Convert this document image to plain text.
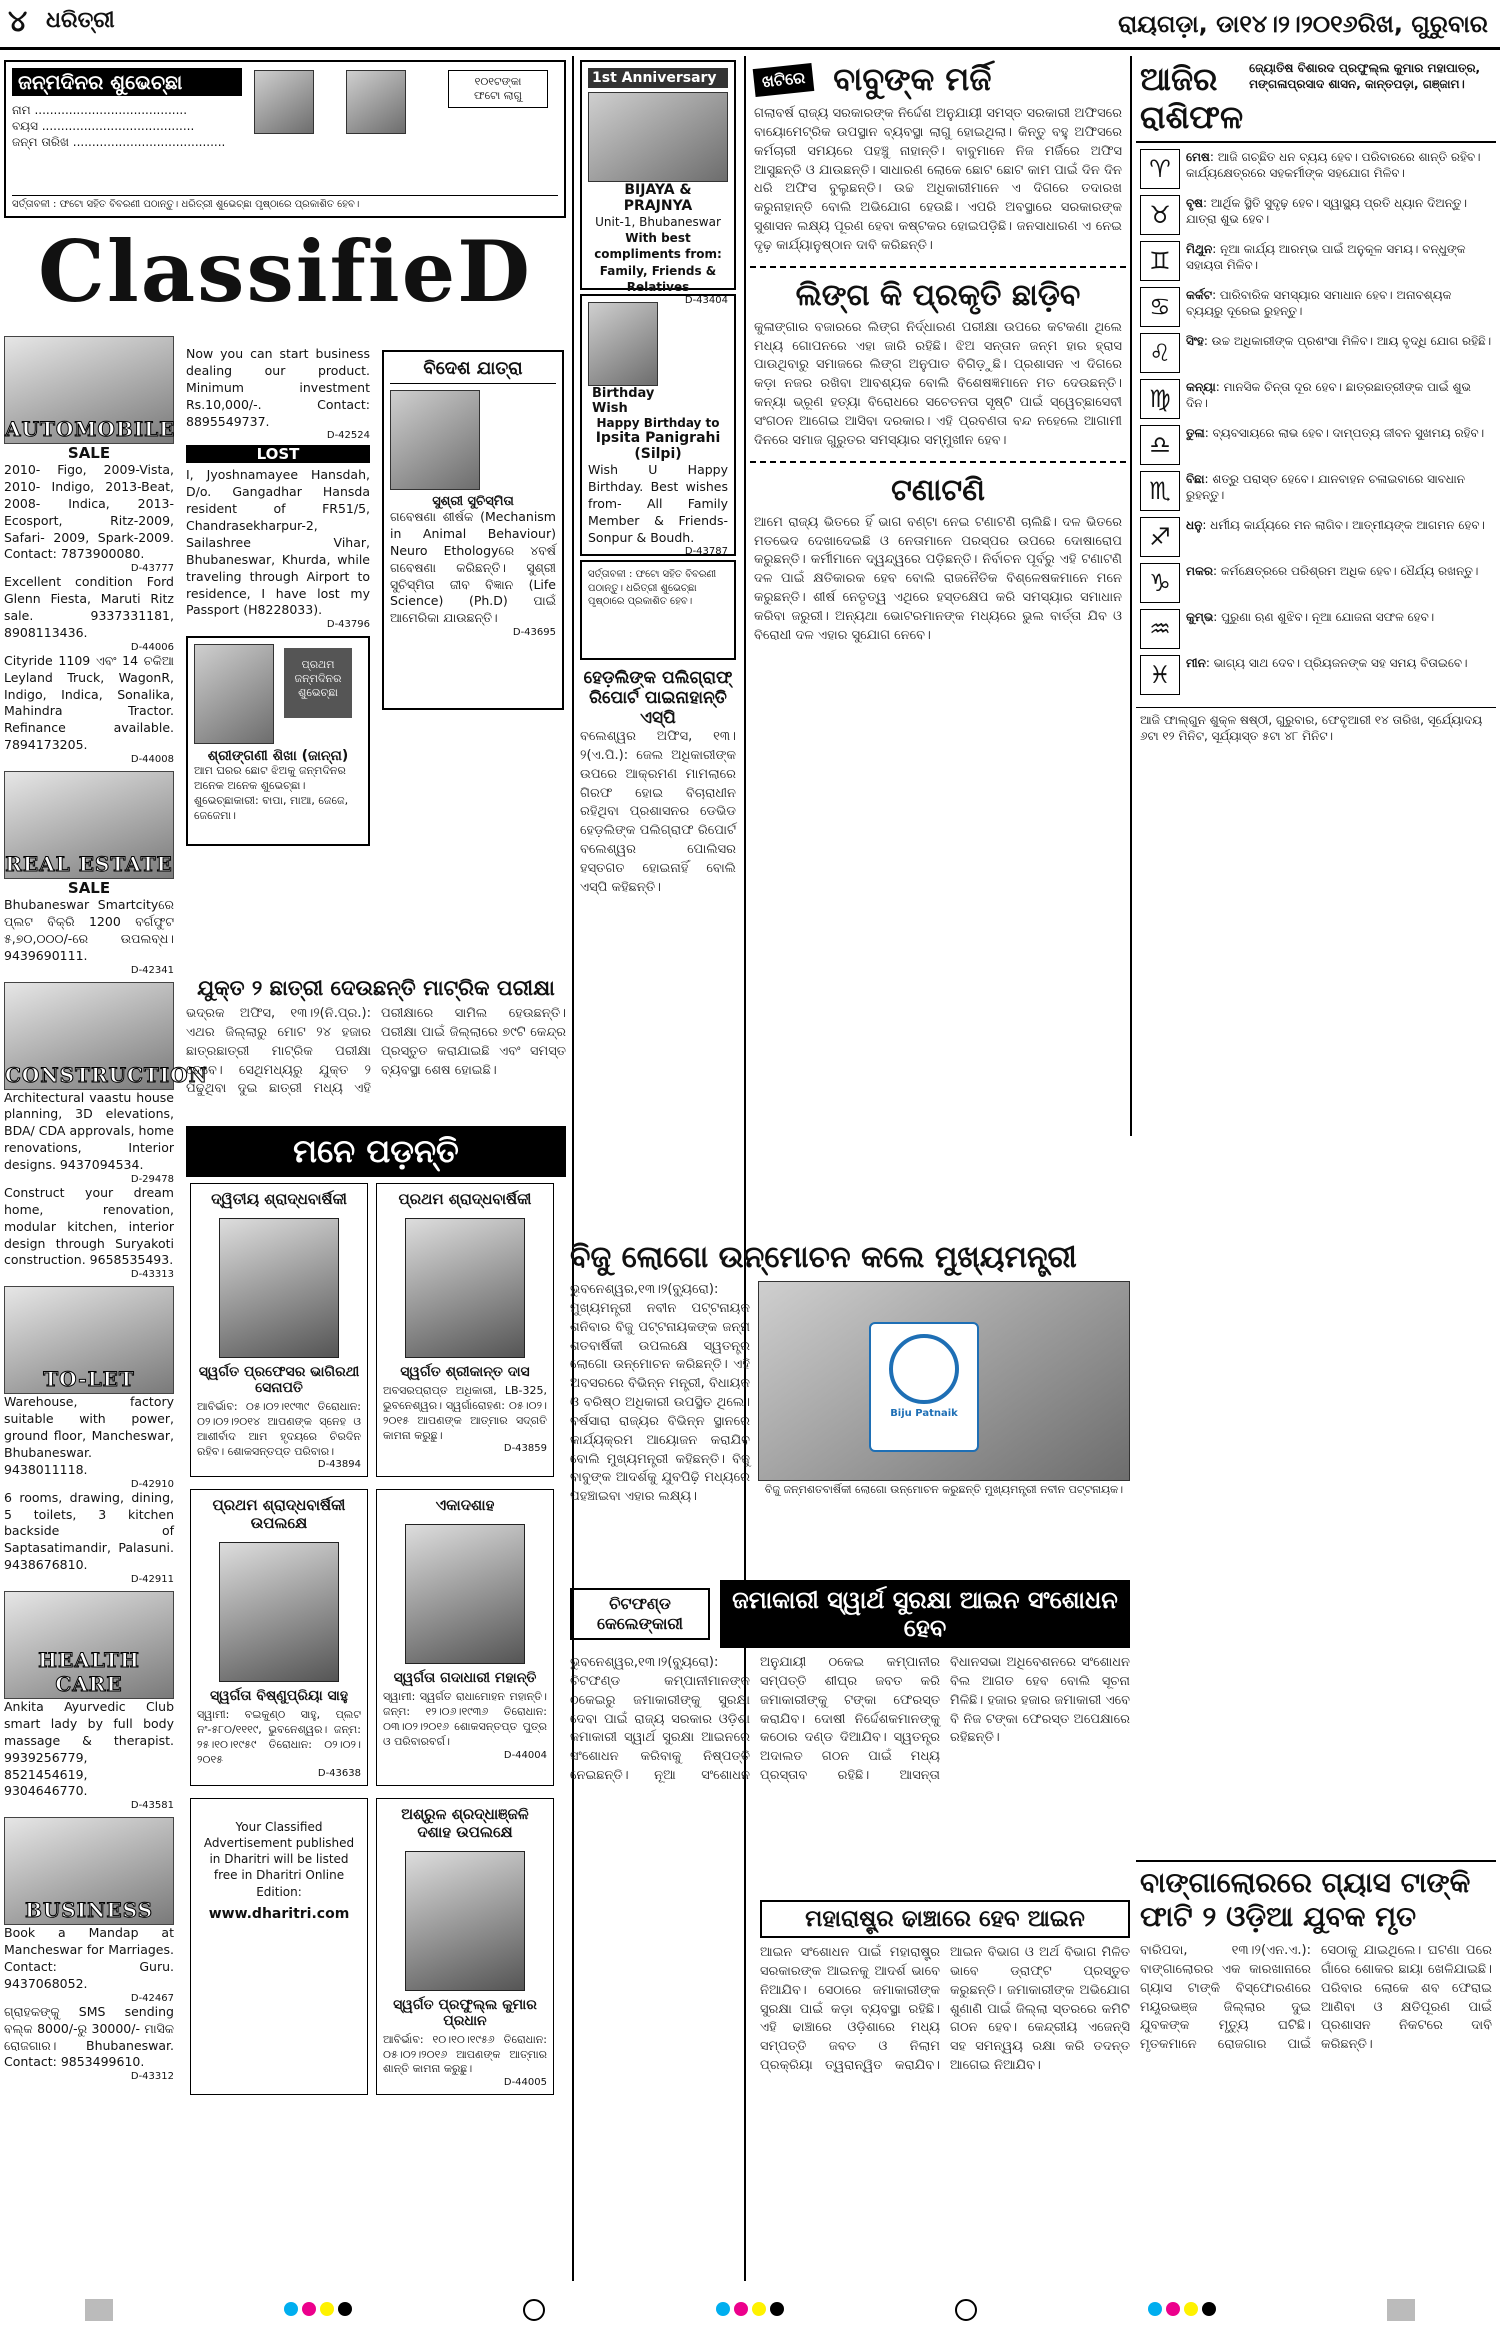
୪ ଧରିତ୍ରୀ	ରାୟଗଡ଼ା, ଡା୧୪।୨।୨୦୧୬ରିଖ, ଗୁରୁବାର
ଜନ୍ମଦିନର ଶୁଭେଚ୍ଛା
ନାମ ........................................
ବୟସ ........................................
ଜନ୍ମ ତାରିଖ ........................................
୧୦୧ଟଙ୍କା
ଫଟୋ ଲାଗୁ
ସର୍ତ୍ତାବଳୀ : ଫଟୋ ସହିତ ବିବରଣୀ ପଠାନ୍ତୁ। ଧରିତ୍ରୀ ଶୁଭେଚ୍ଛା ପୃଷ୍ଠାରେ ପ୍ରକାଶିତ ହେବ।
ClassifieD
AUTOMOBILE
SALE
2010- Figo, 2009-Vista, 2010- Indigo, 2013-Beat, 2008- Indica, 2013- Ecosport, Ritz-2009, Safari- 2009, Spark-2009. Contact: 7873900080.
D-43777
Excellent condition Ford Glenn Fiesta, Maruti Ritz sale. 9337331181, 8908113436.
D-44006
Cityride 1109 ଏବଂ 14 ଚକିଆ Leyland Truck, WagonR, Indigo, Indica, Sonalika, Mahindra Tractor. Refinance available. 7894173205.
D-44008
REAL ESTATE
SALE
Bhubaneswar Smartcityରେ ପ୍ଲଟ ବିକ୍ରି 1200 ବର୍ଗଫୁଟ ୫,୭୦,୦୦୦/-ରେ ଉପଲବ୍ଧ। 9439690111.
D-42341
CONSTRUCTION
Architectural vaastu house planning, 3D elevations, BDA/ CDA approvals, home renovations, Interior designs. 9437094534.
D-29478
Construct your dream home, renovation, modular kitchen, interior design through Suryakoti construction. 9658535493.
D-43313
TO-LET
Warehouse, factory suitable with power, ground floor, Mancheswar, Bhubaneswar. 9438011118.
D-42910
6 rooms, drawing, dining, 5 toilets, 3 kitchen backside of Saptasatimandir, Palasuni. 9438676810.
D-42911
HEALTH CARE
Ankita Ayurvedic Club smart lady by full body massage & therapist. 9939256779, 8521454619, 9304646770.
D-43581
BUSINESS
Book a Mandap at Mancheswar for Marriages. Contact: Guru. 9437068052.
D-42467
ଗ୍ରାହକଙ୍କୁ SMS sending ବଲ୍କ 8000/-ରୁ 30000/- ମାସିକ ରୋଜଗାର। Bhubaneswar. Contact: 9853499610.
D-43312
Now you can start business dealing our product. Minimum investment Rs.10,000/-. Contact: 8895549737.
D-42524
LOST
I, Jyoshnamayee Hansdah, D/o. Gangadhar Hansda resident of FR51/5, Chandrasekharpur-2, Sailashree Vihar, Bhubaneswar, Khurda, while traveling through Airport to residence, I have lost my Passport (H8228033).
D-43796
ପ୍ରଥମ ଜନ୍ମଦିନର ଶୁଭେଚ୍ଛା
ଶ୍ରୀଙ୍ଗଣୀ ଶିଖା (ଜାନ୍ନା)
ଆମ ଘରର ଛୋଟ ଝିଅକୁ ଜନ୍ମଦିନର ଅନେକ ଅନେକ ଶୁଭେଚ୍ଛା। ଶୁଭେଚ୍ଛାକାରୀ: ବାପା, ମାଆ, ଜେଜେ, ଜେଜେମା।
ବିଦେଶ ଯାତ୍ରା
ସୁଶ୍ରୀ ସୁଚିସ୍ମିତା
ଗବେଷଣା ଶୀର୍ଷକ (Mechanism in Animal Behaviour) Neuro Ethologyରେ ୪ବର୍ଷ ଗବେଷଣା କରିଛନ୍ତି। ସୁଶ୍ରୀ ସୁଚିସ୍ମିତା ଜୀବ ବିଜ୍ଞାନ (Life Science) (Ph.D) ପାଇଁ ଆମେରିକା ଯାଉଛନ୍ତି।
D-43695
ଯୁକ୍ତ ୨ ଛାତ୍ରୀ ଦେଉଛନ୍ତି ମାଟ୍ରିକ ପରୀକ୍ଷା
ଭଦ୍ରକ ଅଫିସ, ୧୩।୨(ନି.ପ୍ର.): ଏଥର ଜିଲ୍ଲାରୁ ମୋଟ ୨୪ ହଜାର ଛାତ୍ରଛାତ୍ରୀ ମାଟ୍ରିକ ପରୀକ୍ଷା ଦେବେ। ସେଥିମଧ୍ୟରୁ ଯୁକ୍ତ ୨ ପଢୁଥିବା ଦୁଇ ଛାତ୍ରୀ ମଧ୍ୟ ଏହି ପରୀକ୍ଷାରେ ସାମିଲ ହେଉଛନ୍ତି। ପରୀକ୍ଷା ପାଇଁ ଜିଲ୍ଲାରେ ୭୯ଟି କେନ୍ଦ୍ର ପ୍ରସ୍ତୁତ କରାଯାଇଛି ଏବଂ ସମସ୍ତ ବ୍ୟବସ୍ଥା ଶେଷ ହୋଇଛି।
ମନେ ପଡ଼ନ୍ତି
ଦ୍ୱିତୀୟ ଶ୍ରାଦ୍ଧବାର୍ଷିକୀ
ସ୍ୱର୍ଗତ ପ୍ରଫେସର ଭାଗିରଥୀ ସେନାପତି
ଆବିର୍ଭାବ: ୦୫।୦୨।୧୯୩୯ ତିରୋଧାନ: ୦୨।୦୨।୨୦୧୪ ଆପଣଙ୍କ ସ୍ନେହ ଓ ଆଶୀର୍ବାଦ ଆମ ହୃଦୟରେ ଚିରଦିନ ରହିବ। ଶୋକସନ୍ତପ୍ତ ପରିବାର।
D-43894
ପ୍ରଥମ ଶ୍ରାଦ୍ଧବାର୍ଷିକୀ
ସ୍ୱର୍ଗତ ଶ୍ରୀକାନ୍ତ ଦାସ
ଅବସରପ୍ରାପ୍ତ ଅଧିକାରୀ, LB-325, ଭୁବନେଶ୍ୱର। ସ୍ୱର୍ଗାରୋହଣ: ୦୫।୦୨।୨୦୧୫ ଆପଣଙ୍କ ଆତ୍ମାର ସଦ୍‌ଗତି କାମନା କରୁଛୁ।
D-43859
ପ୍ରଥମ ଶ୍ରାଦ୍ଧବାର୍ଷିକୀ ଉପଲକ୍ଷେ
ସ୍ୱର୍ଗତା ବିଷ୍ଣୁପ୍ରିୟା ସାହୁ
ସ୍ୱାମୀ: ବଇକୁଣ୍ଠ ସାହୁ, ପ୍ଲଟ ନଂ-୫୮୦/୧୧୧୯, ଭୁବନେଶ୍ୱର। ଜନ୍ମ: ୨୫।୧୦।୧୯୫୯ ତିରୋଧାନ: ୦୨।୦୨।୨୦୧୫
D-43638
ଏକାଦଶାହ
ସ୍ୱର୍ଗତା ଗଦାଧାରୀ ମହାନ୍ତି
ସ୍ୱାମୀ: ସ୍ୱର୍ଗତ ରାଧାମୋହନ ମହାନ୍ତି। ଜନ୍ମ: ୧୨।୦୬।୧୯୩୬ ତିରୋଧାନ: ୦୩।୦୨।୨୦୧୬ ଶୋକସନ୍ତପ୍ତ ପୁତ୍ର ଓ ପରିବାରବର୍ଗ।
D-44004
Your Classified Advertisement published in Dharitri will be listed free in Dharitri Online Edition:
www.dharitri.com
ଅଶ୍ରୁଳ ଶ୍ରଦ୍ଧାଞ୍ଜଳି ଦଶାହ ଉପଲକ୍ଷେ
ସ୍ୱର୍ଗତ ପ୍ରଫୁଲ୍ଲ କୁମାର ପ୍ରଧାନ
ଆବିର୍ଭାବ: ୧୦।୧୦।୧୯୫୬ ତିରୋଧାନ: ୦୫।୦୨।୨୦୧୬ ଆପଣଙ୍କ ଆତ୍ମାର ଶାନ୍ତି କାମନା କରୁଛୁ।
D-44005
1st Anniversary
BIJAYA & PRAJNYA
Unit-1, Bhubaneswar
With best compliments from: Family, Friends & Relatives
D-43404
Birthday Wish
Happy Birthday to
Ipsita Panigrahi (Silpi)
Wish U Happy Birthday. Best wishes from- All Family Member & Friends- Sonpur & Boudh.
D-43787
ସର୍ତ୍ତାବଳୀ : ଫଟୋ ସହିତ ବିବରଣୀ ପଠାନ୍ତୁ। ଧରିତ୍ରୀ ଶୁଭେଚ୍ଛା ପୃଷ୍ଠାରେ ପ୍ରକାଶିତ ହେବ।
ହେଡ଼ଲିଙ୍କ ପଲିଗ୍ରାଫ୍ ରିପୋର୍ଟ ପାଇନାହାନ୍ତି ଏସ୍‌ପି
ବଲେଶ୍ୱର ଅଫିସ, ୧୩।୨(ଏ.ପି.): ଜେଲ ଅଧିକାରୀଙ୍କ ଉପରେ ଆକ୍ରମଣ ମାମଲାରେ ଗିରଫ ହୋଇ ବିଚାରାଧୀନ ରହିଥିବା ପ୍ରଶାସନର ଡେଭିଡ ହେଡ଼ଲିଙ୍କ ପଲିଗ୍ରାଫ ରିପୋର୍ଟ ବଲେଶ୍ୱର ପୋଲିସର ହସ୍ତଗତ ହୋଇନାହିଁ ବୋଲି ଏସ୍‌ପି କହିଛନ୍ତି।
ଖଟିରେ ବାବୁଙ୍କ ମର୍ଜି
ଗଲାବର୍ଷ ରାଜ୍ୟ ସରକାରଙ୍କ ନିର୍ଦ୍ଦେଶ ଅନୁଯାୟୀ ସମସ୍ତ ସରକାରୀ ଅଫିସରେ ବାୟୋମେଟ୍ରିକ ଉପସ୍ଥାନ ବ୍ୟବସ୍ଥା ଲାଗୁ ହୋଇଥିଲା। କିନ୍ତୁ ବହୁ ଅଫିସରେ କର୍ମଚାରୀ ସମୟରେ ପହଞ୍ଚୁ ନାହାନ୍ତି। ବାବୁମାନେ ନିଜ ମର୍ଜିରେ ଅଫିସ ଆସୁଛନ୍ତି ଓ ଯାଉଛନ୍ତି। ସାଧାରଣ ଲୋକେ ଛୋଟ ଛୋଟ କାମ ପାଇଁ ଦିନ ଦିନ ଧରି ଅଫିସ ବୁଲୁଛନ୍ତି। ଉଚ୍ଚ ଅଧିକାରୀମାନେ ଏ ଦିଗରେ ତଦାରଖ କରୁନାହାନ୍ତି ବୋଲି ଅଭିଯୋଗ ହେଉଛି। ଏପରି ଅବସ୍ଥାରେ ସରକାରଙ୍କ ସୁଶାସନ ଲକ୍ଷ୍ୟ ପୂରଣ ହେବା କଷ୍ଟକର ହୋଇପଡ଼ିଛି। ଜନସାଧାରଣ ଏ ନେଇ ଦୃଢ଼ କାର୍ଯ୍ୟାନୁଷ୍ଠାନ ଦାବି କରିଛନ୍ତି।
ଲିଙ୍ଗ କି ପ୍ରକୃତି ଛାଡ଼ିବ
କୁଳାଙ୍ଗାର ବଜାରରେ ଲିଙ୍ଗ ନିର୍ଦ୍ଧାରଣ ପରୀକ୍ଷା ଉପରେ କଟକଣା ଥିଲେ ମଧ୍ୟ ଗୋପନରେ ଏହା ଜାରି ରହିଛି। ଝିଅ ସନ୍ତାନ ଜନ୍ମ ହାର ହ୍ରାସ ପାଉଥିବାରୁ ସମାଜରେ ଲିଙ୍ଗ ଅନୁପାତ ବିଗିଡ଼ୁଛି। ପ୍ରଶାସନ ଏ ଦିଗରେ କଡ଼ା ନଜର ରଖିବା ଆବଶ୍ୟକ ବୋଲି ବିଶେଷଜ୍ଞମାନେ ମତ ଦେଉଛନ୍ତି। କନ୍ୟା ଭ୍ରୂଣ ହତ୍ୟା ବିରୋଧରେ ସଚେତନତା ସୃଷ୍ଟି ପାଇଁ ସ୍ୱେଚ୍ଛାସେବୀ ସଂଗଠନ ଆଗେଇ ଆସିବା ଦରକାର। ଏହି ପ୍ରବଣତା ବନ୍ଦ ନହେଲେ ଆଗାମୀ ଦିନରେ ସମାଜ ଗୁରୁତର ସମସ୍ୟାର ସମ୍ମୁଖୀନ ହେବ।
ଟଣାଟଣି
ଆମେ ରାଜ୍ୟ ଭିତରେ ହିଁ ଭାଗ ବଣ୍ଟା ନେଇ ଟଣାଟଣି ଚାଲିଛି। ଦଳ ଭିତରେ ମତଭେଦ ଦେଖାଦେଇଛି ଓ ନେତାମାନେ ପରସ୍ପର ଉପରେ ଦୋଷାରୋପ କରୁଛନ୍ତି। କର୍ମୀମାନେ ଦ୍ୱନ୍ଦ୍ୱରେ ପଡ଼ିଛନ୍ତି। ନିର୍ବାଚନ ପୂର୍ବରୁ ଏହି ଟଣାଟଣି ଦଳ ପାଇଁ କ୍ଷତିକାରକ ହେବ ବୋଲି ରାଜନୈତିକ ବିଶ୍ଳେଷକମାନେ ମନେ କରୁଛନ୍ତି। ଶୀର୍ଷ ନେତୃତ୍ୱ ଏଥିରେ ହସ୍ତକ୍ଷେପ କରି ସମସ୍ୟାର ସମାଧାନ କରିବା ଜରୁରୀ। ଅନ୍ୟଥା ଭୋଟରମାନଙ୍କ ମଧ୍ୟରେ ଭୁଲ ବାର୍ତ୍ତା ଯିବ ଓ ବିରୋଧୀ ଦଳ ଏହାର ସୁଯୋଗ ନେବେ।
ଆଜିର ରାଶିଫଳ
ଜ୍ୟୋତିଷ ବିଶାରଦ ପ୍ରଫୁଲ୍ଲ କୁମାର ମହାପାତ୍ର, ମଙ୍ଗଳାପ୍ରସାଦ ଶାସନ, କାନ୍ତପଡ଼ା, ଗଞ୍ଜାମ।
♈	ମେଷ: ଆଜି ଗଚ୍ଛିତ ଧନ ବ୍ୟୟ ହେବ। ପରିବାରରେ ଶାନ୍ତି ରହିବ। କାର୍ଯ୍ୟକ୍ଷେତ୍ରରେ ସହକର୍ମୀଙ୍କ ସହଯୋଗ ମିଳିବ।
♉	ବୃଷ: ଆର୍ଥିକ ସ୍ଥିତି ସୁଦୃଢ଼ ହେବ। ସ୍ୱାସ୍ଥ୍ୟ ପ୍ରତି ଧ୍ୟାନ ଦିଅନ୍ତୁ। ଯାତ୍ରା ଶୁଭ ହେବ।
♊	ମିଥୁନ: ନୂଆ କାର୍ଯ୍ୟ ଆରମ୍ଭ ପାଇଁ ଅନୁକୂଳ ସମୟ। ବନ୍ଧୁଙ୍କ ସହାୟତା ମିଳିବ।
♋	କର୍କଟ: ପାରିବାରିକ ସମସ୍ୟାର ସମାଧାନ ହେବ। ଅନାବଶ୍ୟକ ବ୍ୟୟରୁ ଦୂରେଇ ରୁହନ୍ତୁ।
♌	ସିଂହ: ଉଚ୍ଚ ଅଧିକାରୀଙ୍କ ପ୍ରଶଂସା ମିଳିବ। ଆୟ ବୃଦ୍ଧି ଯୋଗ ରହିଛି।
♍	କନ୍ୟା: ମାନସିକ ଚିନ୍ତା ଦୂର ହେବ। ଛାତ୍ରଛାତ୍ରୀଙ୍କ ପାଇଁ ଶୁଭ ଦିନ।
♎	ତୁଳା: ବ୍ୟବସାୟରେ ଲାଭ ହେବ। ଦାମ୍ପତ୍ୟ ଜୀବନ ସୁଖମୟ ରହିବ।
♏	ବିଛା: ଶତ୍ରୁ ପରାସ୍ତ ହେବେ। ଯାନବାହନ ଚଳାଇବାରେ ସାବଧାନ ରୁହନ୍ତୁ।
♐	ଧନୁ: ଧର୍ମୀୟ କାର୍ଯ୍ୟରେ ମନ ଲାଗିବ। ଆତ୍ମୀୟଙ୍କ ଆଗମନ ହେବ।
♑	ମକର: କର୍ମକ୍ଷେତ୍ରରେ ପରିଶ୍ରମ ଅଧିକ ହେବ। ଧୈର୍ଯ୍ୟ ରଖନ୍ତୁ।
♒	କୁମ୍ଭ: ପୁରୁଣା ଋଣ ଶୁଝିବ। ନୂଆ ଯୋଜନା ସଫଳ ହେବ।
♓	ମୀନ: ଭାଗ୍ୟ ସାଥ ଦେବ। ପ୍ରିୟଜନଙ୍କ ସହ ସମୟ ବିତାଇବେ।
ଆଜି ଫାଲ୍‌ଗୁନ ଶୁକ୍ଳ ଷଷ୍ଠୀ, ଗୁରୁବାର, ଫେବୃଆରୀ ୧୪ ତାରିଖ, ସୂର୍ଯ୍ୟୋଦୟ ୬ଟା ୧୨ ମିନିଟ, ସୂର୍ଯ୍ୟାସ୍ତ ୫ଟା ୪୮ ମିନିଟ।
ବିଜୁ ଲୋଗୋ ଉନ୍ମୋଚନ କଲେ ମୁଖ୍ୟମନ୍ତ୍ରୀ
ଭୁବନେଶ୍ୱର,୧୩।୨(ବ୍ୟୁରୋ): ମୁଖ୍ୟମନ୍ତ୍ରୀ ନବୀନ ପଟ୍ଟନାୟକ ଶନିବାର ବିଜୁ ପଟ୍ଟନାୟକଙ୍କ ଜନ୍ମ ଶତବାର୍ଷିକୀ ଉପଲକ୍ଷେ ସ୍ୱତନ୍ତ୍ର ଲୋଗୋ ଉନ୍ମୋଚନ କରିଛନ୍ତି। ଏହି ଅବସରରେ ବିଭିନ୍ନ ମନ୍ତ୍ରୀ, ବିଧାୟକ ଓ ବରିଷ୍ଠ ଅଧିକାରୀ ଉପସ୍ଥିତ ଥିଲେ। ବର୍ଷସାରା ରାଜ୍ୟର ବିଭିନ୍ନ ସ୍ଥାନରେ କାର୍ଯ୍ୟକ୍ରମ ଆୟୋଜନ କରାଯିବ ବୋଲି ମୁଖ୍ୟମନ୍ତ୍ରୀ କହିଛନ୍ତି। ବିଜୁ ବାବୁଙ୍କ ଆଦର୍ଶକୁ ଯୁବପିଢ଼ି ମଧ୍ୟରେ ପହଞ୍ଚାଇବା ଏହାର ଲକ୍ଷ୍ୟ।
Biju Patnaik
ବିଜୁ ଜନ୍ମଶତବାର୍ଷିକୀ ଲୋଗୋ ଉନ୍ମୋଚନ କରୁଛନ୍ତି ମୁଖ୍ୟମନ୍ତ୍ରୀ ନବୀନ ପଟ୍ଟନାୟକ।
ଚିଟଫଣ୍ଡ କେଲେଙ୍କାରୀ
ଜମାକାରୀ ସ୍ୱାର୍ଥ ସୁରକ୍ଷା ଆଇନ ସଂଶୋଧନ ହେବ
ଭୁବନେଶ୍ୱର,୧୩।୨(ବ୍ୟୁରୋ): ଚିଟଫଣ୍ଡ କମ୍ପାନୀମାନଙ୍କ ଠକେଇରୁ ଜମାକାରୀଙ୍କୁ ସୁରକ୍ଷା ଦେବା ପାଇଁ ରାଜ୍ୟ ସରକାର ଓଡ଼ିଶା ଜମାକାରୀ ସ୍ୱାର୍ଥ ସୁରକ୍ଷା ଆଇନରେ ସଂଶୋଧନ କରିବାକୁ ନିଷ୍ପତ୍ତି ନେଇଛନ୍ତି। ନୂଆ ସଂଶୋଧନ ଅନୁଯାୟୀ ଠକେଇ କମ୍ପାନୀର ସମ୍ପତ୍ତି ଶୀଘ୍ର ଜବତ କରି ଜମାକାରୀଙ୍କୁ ଟଙ୍କା ଫେରସ୍ତ କରାଯିବ। ଦୋଷୀ ନିର୍ଦ୍ଦେଶକମାନଙ୍କୁ କଠୋର ଦଣ୍ଡ ଦିଆଯିବ। ସ୍ୱତନ୍ତ୍ର ଅଦାଲତ ଗଠନ ପାଇଁ ମଧ୍ୟ ପ୍ରସ୍ତାବ ରହିଛି। ଆସନ୍ତା ବିଧାନସଭା ଅଧିବେଶନରେ ସଂଶୋଧନ ବିଲ ଆଗତ ହେବ ବୋଲି ସୂଚନା ମିଳିଛି। ହଜାର ହଜାର ଜମାକାରୀ ଏବେ ବି ନିଜ ଟଙ୍କା ଫେରସ୍ତ ଅପେକ୍ଷାରେ ରହିଛନ୍ତି।
ମହାରାଷ୍ଟ୍ର ଢାଞ୍ଚାରେ ହେବ ଆଇନ
ଆଇନ ସଂଶୋଧନ ପାଇଁ ମହାରାଷ୍ଟ୍ର ସରକାରଙ୍କ ଆଇନକୁ ଆଦର୍ଶ ଭାବେ ନିଆଯିବ। ସେଠାରେ ଜମାକାରୀଙ୍କ ସୁରକ୍ଷା ପାଇଁ କଡ଼ା ବ୍ୟବସ୍ଥା ରହିଛି। ଏହି ଢାଞ୍ଚାରେ ଓଡ଼ିଶାରେ ମଧ୍ୟ ସମ୍ପତ୍ତି ଜବତ ଓ ନିଲାମ ପ୍ରକ୍ରିୟା ତ୍ୱରାନ୍ୱିତ କରାଯିବ। ଆଇନ ବିଭାଗ ଓ ଅର୍ଥ ବିଭାଗ ମିଳିତ ଭାବେ ଡ୍ରାଫ୍ଟ ପ୍ରସ୍ତୁତ କରୁଛନ୍ତି। ଜମାକାରୀଙ୍କ ଅଭିଯୋଗ ଶୁଣାଣି ପାଇଁ ଜିଲ୍ଲା ସ୍ତରରେ କମିଟି ଗଠନ ହେବ। କେନ୍ଦ୍ରୀୟ ଏଜେନ୍ସି ସହ ସମନ୍ୱୟ ରକ୍ଷା କରି ତଦନ୍ତ ଆଗେଇ ନିଆଯିବ।
ବାଙ୍ଗାଲୋରରେ ଗ୍ୟାସ ଟାଙ୍କି ଫାଟି ୨ ଓଡ଼ିଆ ଯୁବକ ମୃତ
ବାରିପଦା, ୧୩।୨(ଏନ.ଏ.): ବାଙ୍ଗାଲୋରର ଏକ କାରଖାନାରେ ଗ୍ୟାସ ଟାଙ୍କି ବିସ୍ଫୋରଣରେ ମୟୂରଭଞ୍ଜ ଜିଲ୍ଲାର ଦୁଇ ଯୁବକଙ୍କ ମୃତ୍ୟୁ ଘଟିଛି। ମୃତକମାନେ ରୋଜଗାର ପାଇଁ ସେଠାକୁ ଯାଇଥିଲେ। ଘଟଣା ପରେ ଗାଁରେ ଶୋକର ଛାୟା ଖେଳିଯାଇଛି। ପରିବାର ଲୋକେ ଶବ ଫେରାଇ ଆଣିବା ଓ କ୍ଷତିପୂରଣ ପାଇଁ ପ୍ରଶାସନ ନିକଟରେ ଦାବି କରିଛନ୍ତି।
